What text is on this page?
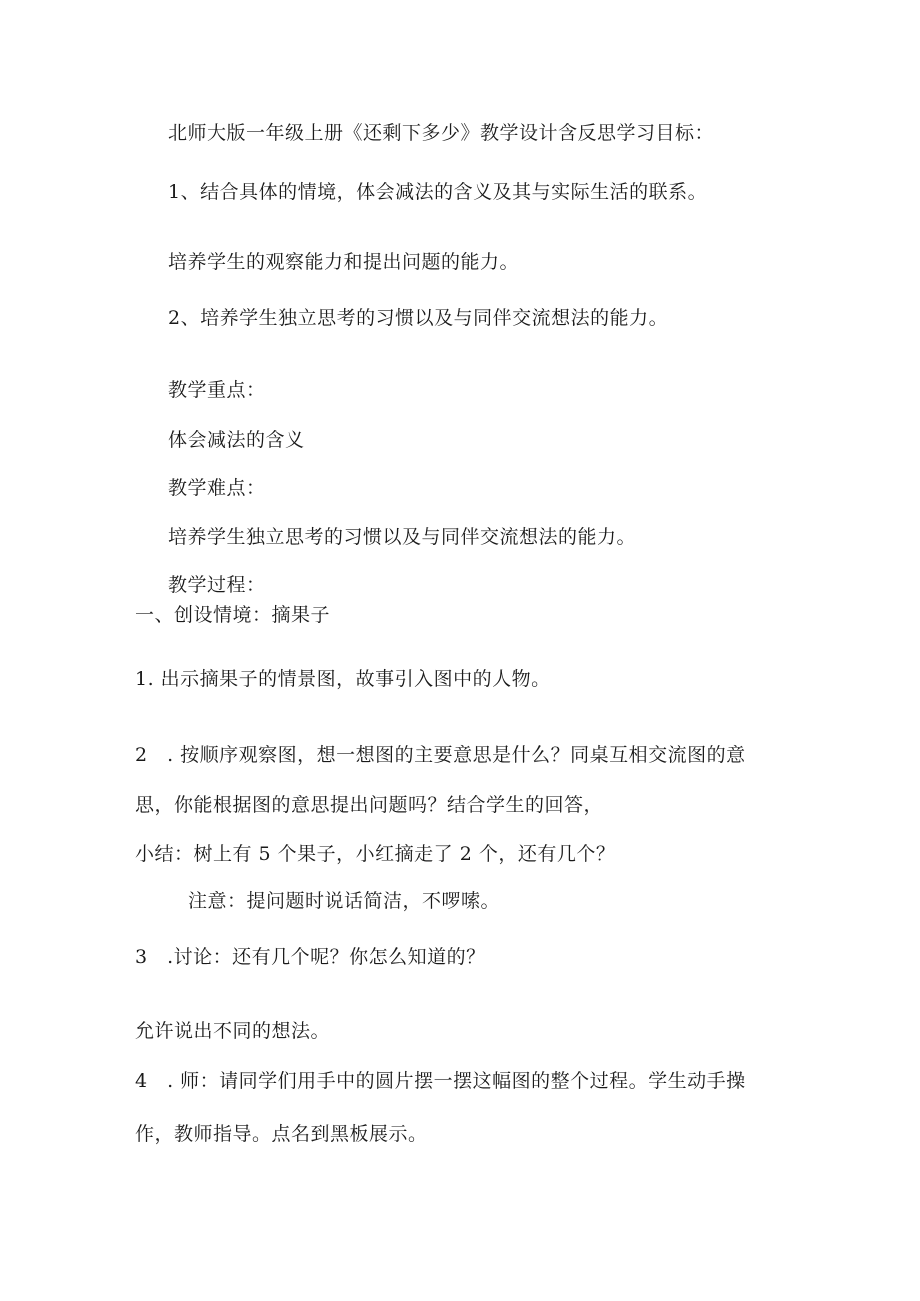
北师大版一年级上册《还剩下多少》教学设计含反思学习目标：
1、结合具体的情境，体会减法的含义及其与实际生活的联系。
培养学生的观察能力和提出问题的能力。
2、培养学生独立思考的习惯以及与同伴交流想法的能力。
教学重点：
体会减法的含义
教学难点：
培养学生独立思考的习惯以及与同伴交流想法的能力。
教学过程：
一、创设情境：摘果子
1. 出示摘果子的情景图，故事引入图中的人物。
2　. 按顺序观察图，想一想图的主要意思是什么？同桌互相交流图的意
思，你能根据图的意思提出问题吗？结合学生的回答，
小结：树上有 5 个果子，小红摘走了 2 个，还有几个？
注意：提问题时说话简洁，不啰嗦。
3　.讨论：还有几个呢？你怎么知道的？
允许说出不同的想法。
4　. 师：请同学们用手中的圆片摆一摆这幅图的整个过程。学生动手操
作，教师指导。点名到黑板展示。
